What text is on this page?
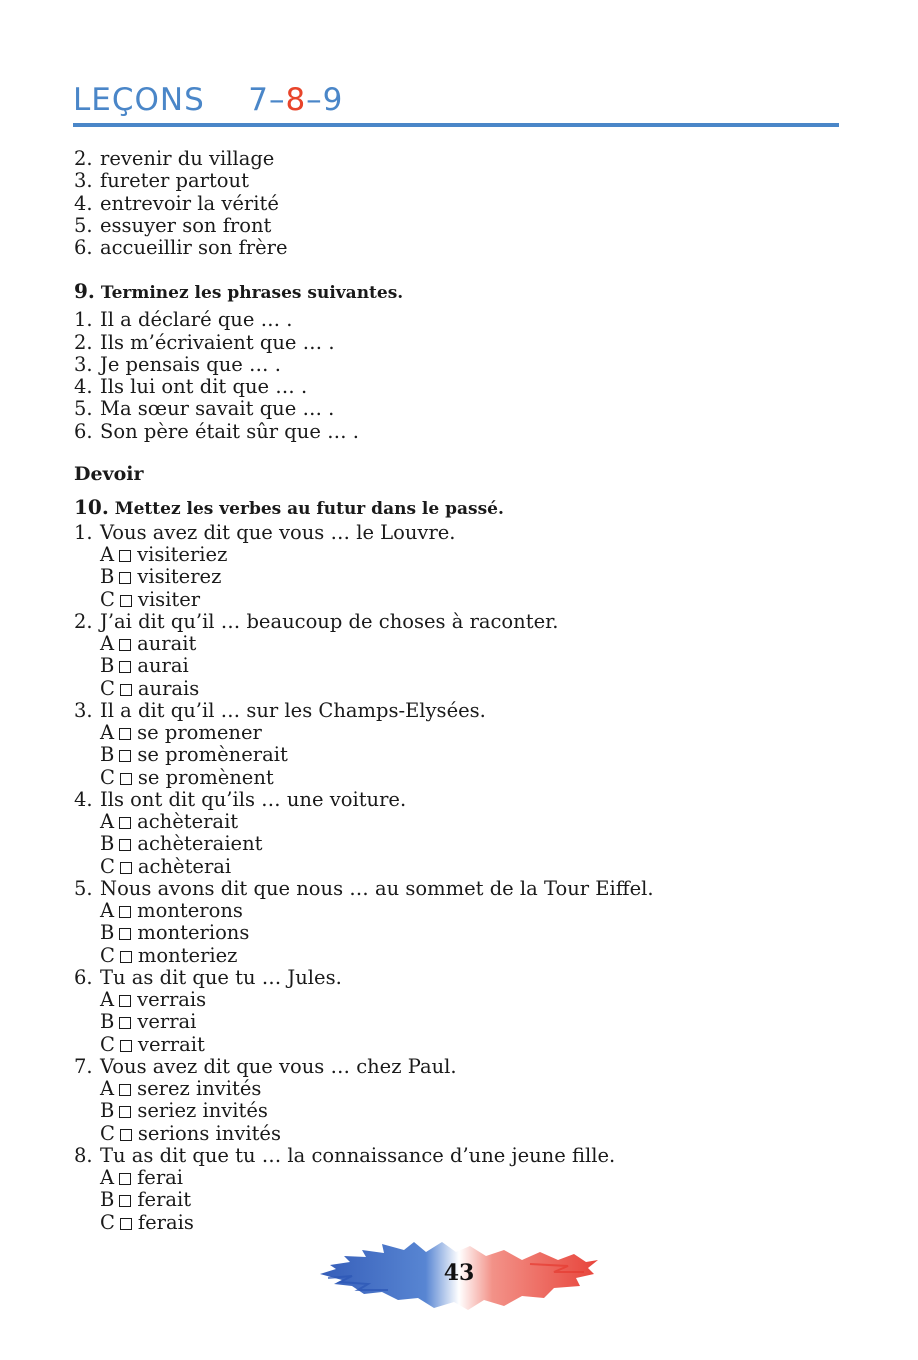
LEÇONS 7–8–9
2. revenir du village
3. fureter partout
4. entrevoir la vérité
5. essuyer son front
6. accueillir son frère
9. Terminez les phrases suivantes.
1. Il a déclaré que … .
2. Ils m’écrivaient que … .
3. Je pensais que … .
4. Ils lui ont dit que … .
5. Ma sœur savait que … .
6. Son père était sûr que … .
Devoir
10. Mettez les verbes au futur dans le passé.
1. Vous avez dit que vous … le Louvre.
A visiteriez
B visiterez
C visiter
2. J’ai dit qu’il … beaucoup de choses à raconter.
A aurait
B aurai
C aurais
3. Il a dit qu’il … sur les Champs-Elysées.
A se promener
B se promènerait
C se promènent
4. Ils ont dit qu’ils … une voiture.
A achèterait
B achèteraient
C achèterai
5. Nous avons dit que nous … au sommet de la Tour Eiffel.
A monterons
B monterions
C monteriez
6. Tu as dit que tu … Jules.
A verrais
B verrai
C verrait
7. Vous avez dit que vous … chez Paul.
A serez invités
B seriez invités
C serions invités
8. Tu as dit que tu … la connaissance d’une jeune fille.
A ferai
B ferait
C ferais
43
